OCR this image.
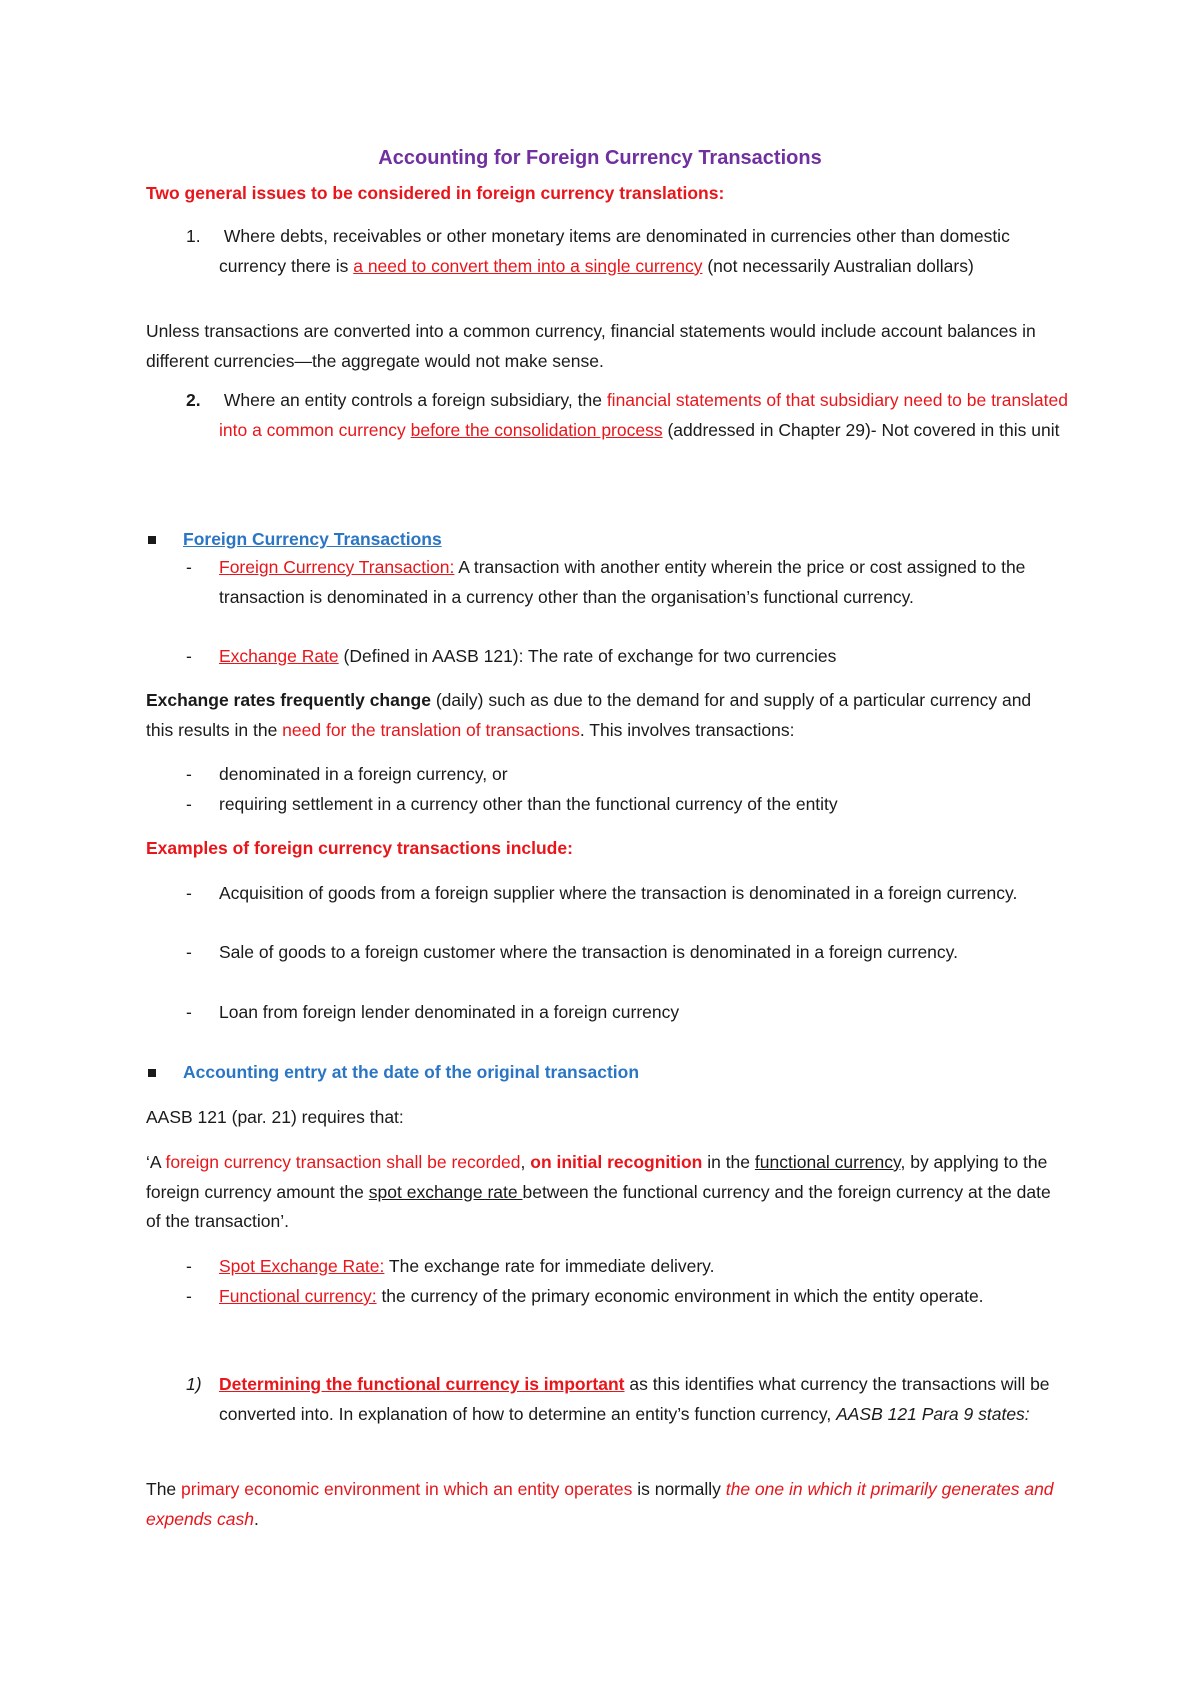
Accounting for Foreign Currency Transactions

Two general issues to be considered in foreign currency translations:

1.	Where debts, receivables or other monetary items are denominated in currencies other than domestic currency there is a need to convert them into a single currency (not necessarily Australian dollars)

Unless transactions are converted into a common currency, financial statements would include account balances in different currencies—the aggregate would not make sense.

2.	Where an entity controls a foreign subsidiary, the financial statements of that subsidiary need to be translated into a common currency before the consolidation process (addressed in Chapter 29)- Not covered in this unit

Foreign Currency Transactions

-	Foreign Currency Transaction: A transaction with another entity wherein the price or cost assigned to the transaction is denominated in a currency other than the organisation’s functional currency.

-	Exchange Rate (Defined in AASB 121): The rate of exchange for two currencies

Exchange rates frequently change (daily) such as due to the demand for and supply of a particular currency and this results in the need for the translation of transactions. This involves transactions:

-	denominated in a foreign currency, or

-	requiring settlement in a currency other than the functional currency of the entity

Examples of foreign currency transactions include:

-	Acquisition of goods from a foreign supplier where the transaction is denominated in a foreign currency.

-	Sale of goods to a foreign customer where the transaction is denominated in a foreign currency.

-	Loan from foreign lender denominated in a foreign currency

Accounting entry at the date of the original transaction

AASB 121 (par. 21) requires that:

‘A foreign currency transaction shall be recorded, on initial recognition in the functional currency, by applying to the foreign currency amount the spot exchange rate between the functional currency and the foreign currency at the date of the transaction’.

-	Spot Exchange Rate: The exchange rate for immediate delivery.

-	Functional currency: the currency of the primary economic environment in which the entity operate.

1) Determining the functional currency is important as this identifies what currency the transactions will be converted into. In explanation of how to determine an entity’s function currency, AASB 121 Para 9 states:

The primary economic environment in which an entity operates is normally the one in which it primarily generates and expends cash.
